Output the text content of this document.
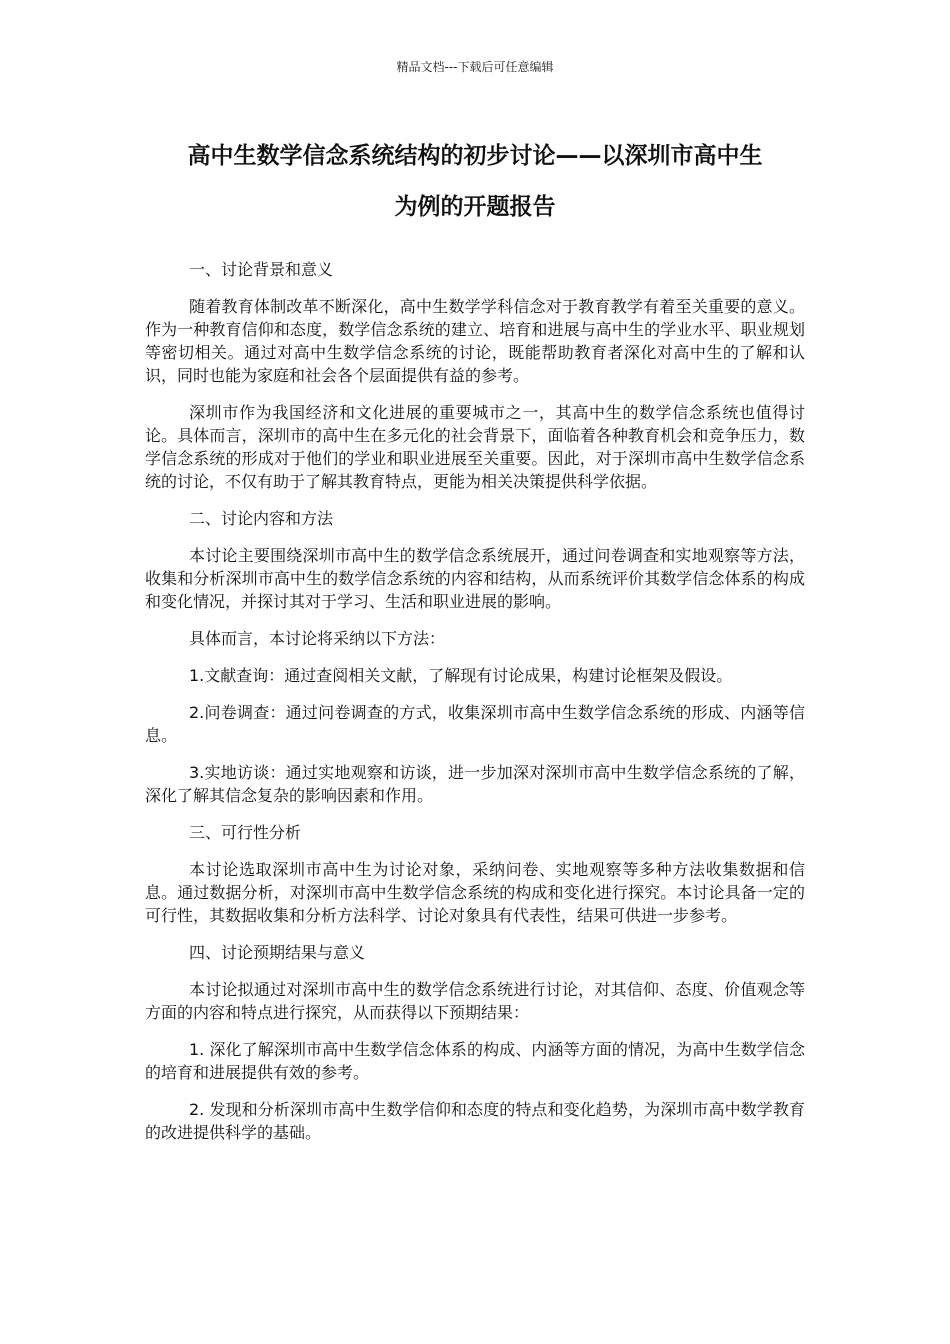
精品文档---下载后可任意编辑
高中生数学信念系统结构的初步讨论——以深圳市高中生
为例的开题报告

一、讨论背景和意义

随着教育体制改革不断深化，高中生数学学科信念对于教育教学有着至关重要的意义。作为一种教育信仰和态度，数学信念系统的建立、培育和进展与高中生的学业水平、职业规划等密切相关。通过对高中生数学信念系统的讨论，既能帮助教育者深化对高中生的了解和认识，同时也能为家庭和社会各个层面提供有益的参考。

深圳市作为我国经济和文化进展的重要城市之一，其高中生的数学信念系统也值得讨论。具体而言，深圳市的高中生在多元化的社会背景下，面临着各种教育机会和竞争压力，数学信念系统的形成对于他们的学业和职业进展至关重要。因此，对于深圳市高中生数学信念系统的讨论，不仅有助于了解其教育特点，更能为相关决策提供科学依据。

二、讨论内容和方法

本讨论主要围绕深圳市高中生的数学信念系统展开，通过问卷调查和实地观察等方法，收集和分析深圳市高中生的数学信念系统的内容和结构，从而系统评价其数学信念体系的构成和变化情况，并探讨其对于学习、生活和职业进展的影响。

具体而言，本讨论将采纳以下方法：

1.文献查询：通过查阅相关文献，了解现有讨论成果，构建讨论框架及假设。

2.问卷调查：通过问卷调查的方式，收集深圳市高中生数学信念系统的形成、内涵等信息。

3.实地访谈：通过实地观察和访谈，进一步加深对深圳市高中生数学信念系统的了解，深化了解其信念复杂的影响因素和作用。

三、可行性分析

本讨论选取深圳市高中生为讨论对象，采纳问卷、实地观察等多种方法收集数据和信息。通过数据分析，对深圳市高中生数学信念系统的构成和变化进行探究。本讨论具备一定的可行性，其数据收集和分析方法科学、讨论对象具有代表性，结果可供进一步参考。

四、讨论预期结果与意义

本讨论拟通过对深圳市高中生的数学信念系统进行讨论，对其信仰、态度、价值观念等方面的内容和特点进行探究，从而获得以下预期结果：

1. 深化了解深圳市高中生数学信念体系的构成、内涵等方面的情况，为高中生数学信念的培育和进展提供有效的参考。

2. 发现和分析深圳市高中生数学信仰和态度的特点和变化趋势，为深圳市高中数学教育的改进提供科学的基础。
